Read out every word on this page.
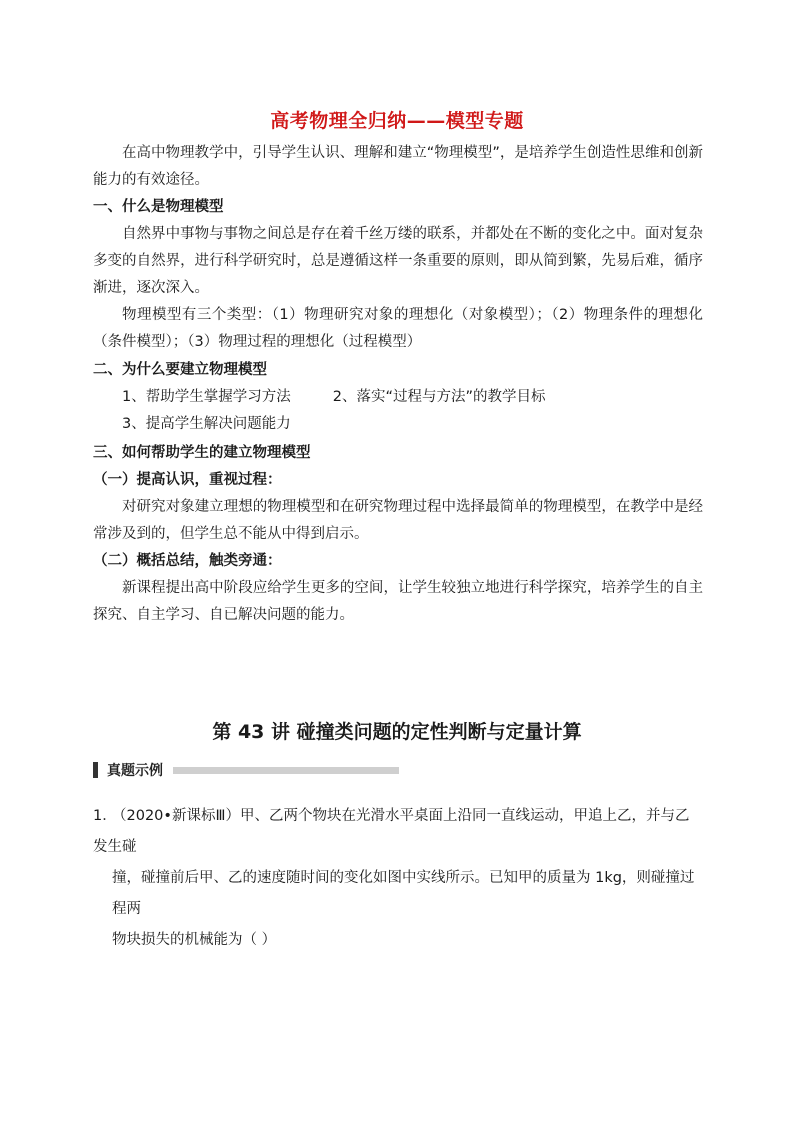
高考物理全归纳——模型专题
在高中物理教学中，引导学生认识、理解和建立“物理模型”，是培养学生创造性思维和创新能力的有效途径。
一、什么是物理模型
自然界中事物与事物之间总是存在着千丝万缕的联系，并都处在不断的变化之中。面对复杂多变的自然界，进行科学研究时，总是遵循这样一条重要的原则，即从简到繁，先易后难，循序渐进，逐次深入。
物理模型有三个类型：（1）物理研究对象的理想化（对象模型）；（2）物理条件的理想化（条件模型）；（3）物理过程的理想化（过程模型）
二、为什么要建立物理模型
1、帮助学生掌握学习方法	2、落实“过程与方法”的教学目标
3、提高学生解决问题能力
三、如何帮助学生的建立物理模型
（一）提高认识，重视过程：
对研究对象建立理想的物理模型和在研究物理过程中选择最简单的物理模型，在教学中是经常涉及到的，但学生总不能从中得到启示。
（二）概括总结，触类旁通：
新课程提出高中阶段应给学生更多的空间，让学生较独立地进行科学探究，培养学生的自主探究、自主学习、自已解决问题的能力。
第 43 讲 碰撞类问题的定性判断与定量计算
真题示例
1．（2020•新课标Ⅲ）甲、乙两个物块在光滑水平桌面上沿同一直线运动，甲追上乙，并与乙发生碰
撞，碰撞前后甲、乙的速度随时间的变化如图中实线所示。已知甲的质量为 1kg，则碰撞过程两
物块损失的机械能为（ ）
